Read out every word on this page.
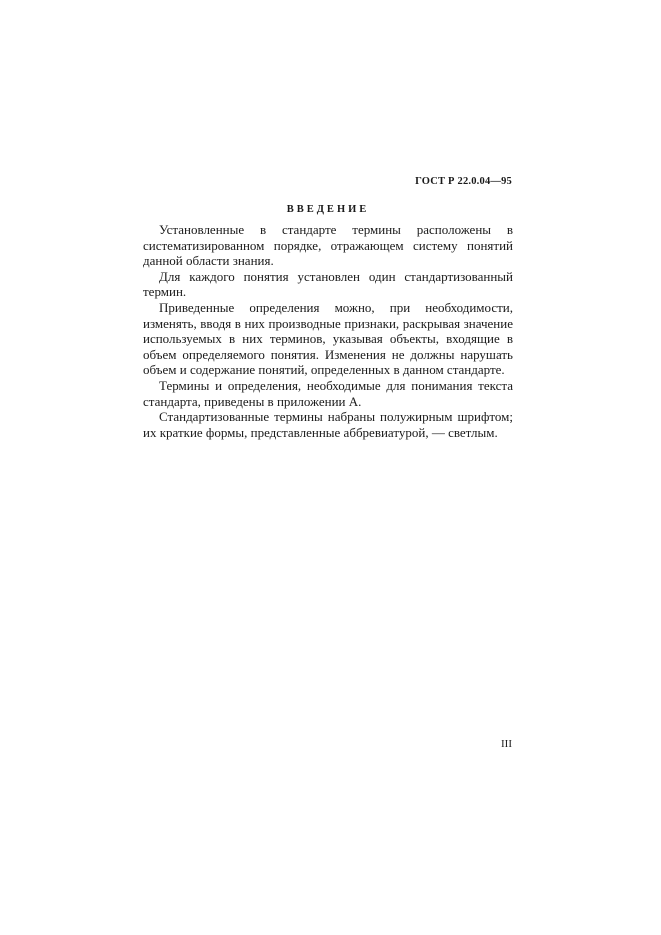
ГОСТ Р 22.0.04—95
ВВЕДЕНИЕ

Установленные в стандарте термины расположены в систематизированном порядке, отражающем систему понятий данной области знания.

Для каждого понятия установлен один стандартизованный термин.

Приведенные определения можно, при необходимости, изменять, вводя в них производные признаки, раскрывая значение используемых в них терминов, указывая объекты, входящие в объем определяемого понятия. Изменения не должны нарушать объем и содержание понятий, определенных в данном стандарте.

Термины и определения, необходимые для понимания текста стандарта, приведены в приложении А.

Стандартизованные термины набраны полужирным шрифтом; их краткие формы, представленные аббревиатурой, — светлым.

III
